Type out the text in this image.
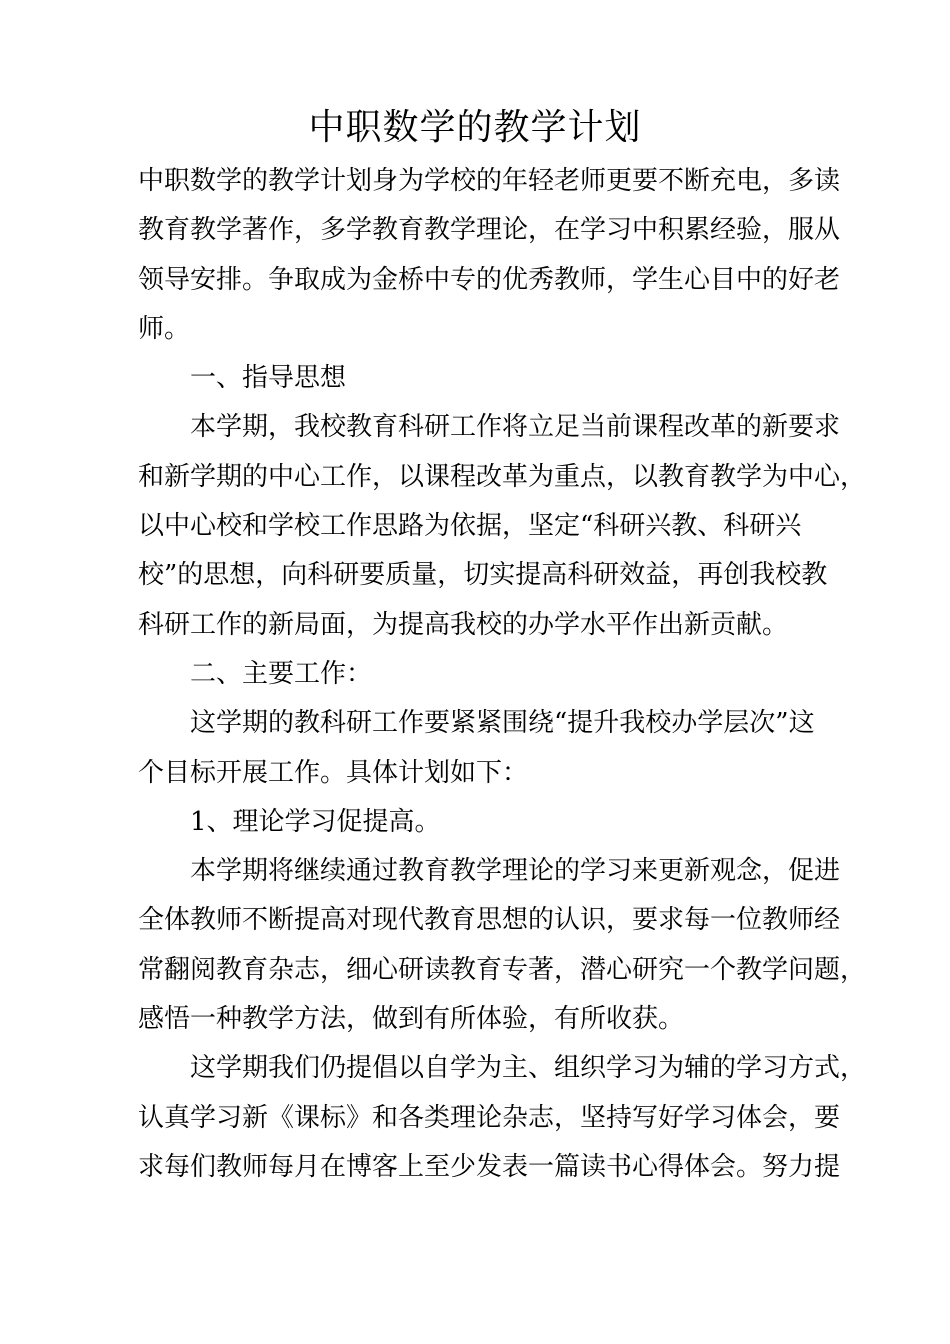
中职数学的教学计划
中职数学的教学计划身为学校的年轻老师更要不断充电，多读
教育教学著作，多学教育教学理论，在学习中积累经验，服从
领导安排。争取成为金桥中专的优秀教师，学生心目中的好老
师。
一、指导思想
本学期，我校教育科研工作将立足当前课程改革的新要求
和新学期的中心工作，以课程改革为重点，以教育教学为中心，
以中心校和学校工作思路为依据，坚定“科研兴教、科研兴
校”的思想，向科研要质量，切实提高科研效益，再创我校教
科研工作的新局面，为提高我校的办学水平作出新贡献。
二、主要工作：
这学期的教科研工作要紧紧围绕“提升我校办学层次”这
个目标开展工作。具体计划如下：
1、理论学习促提高。
本学期将继续通过教育教学理论的学习来更新观念，促进
全体教师不断提高对现代教育思想的认识，要求每一位教师经
常翻阅教育杂志，细心研读教育专著，潜心研究一个教学问题，
感悟一种教学方法，做到有所体验，有所收获。
这学期我们仍提倡以自学为主、组织学习为辅的学习方式，
认真学习新《课标》和各类理论杂志，坚持写好学习体会，要
求每们教师每月在博客上至少发表一篇读书心得体会。努力提
